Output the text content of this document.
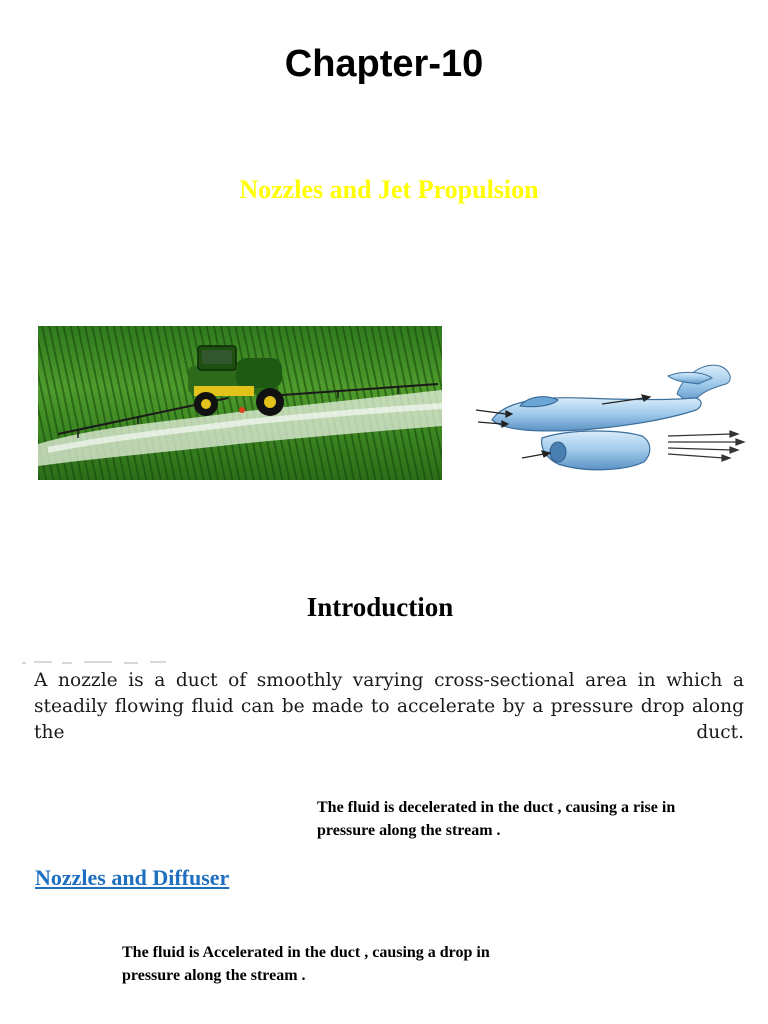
Chapter-10
Nozzles and Jet Propulsion
Introduction
A nozzle is a duct of smoothly varying cross-sectional area in which a steadily flowing fluid can be made to accelerate by a pressure drop along the duct.
The fluid is decelerated in the duct , causing a rise in pressure along the stream .
Nozzles and Diffuser
The fluid is Accelerated in the duct , causing a drop in pressure along the stream .
